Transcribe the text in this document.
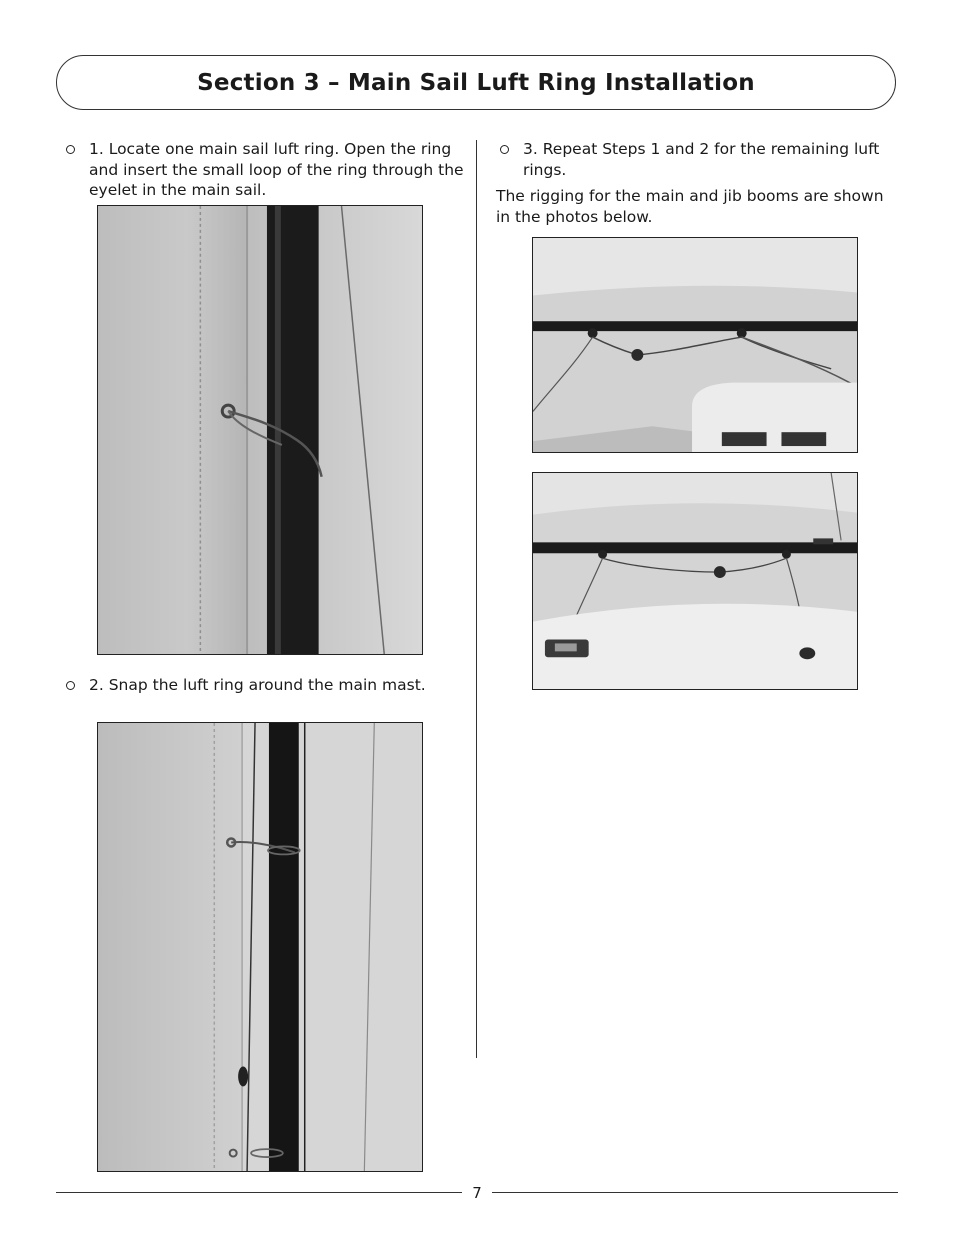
Section 3 – Main Sail Luft Ring Installation
1. Locate one main sail luft ring. Open the ring and insert the small loop of the ring through the eyelet in the main sail.
2. Snap the luft ring around the main mast.
3. Repeat Steps 1 and 2 for the remaining luft rings.
The rigging for the main and jib booms are shown in the photos below.
7
